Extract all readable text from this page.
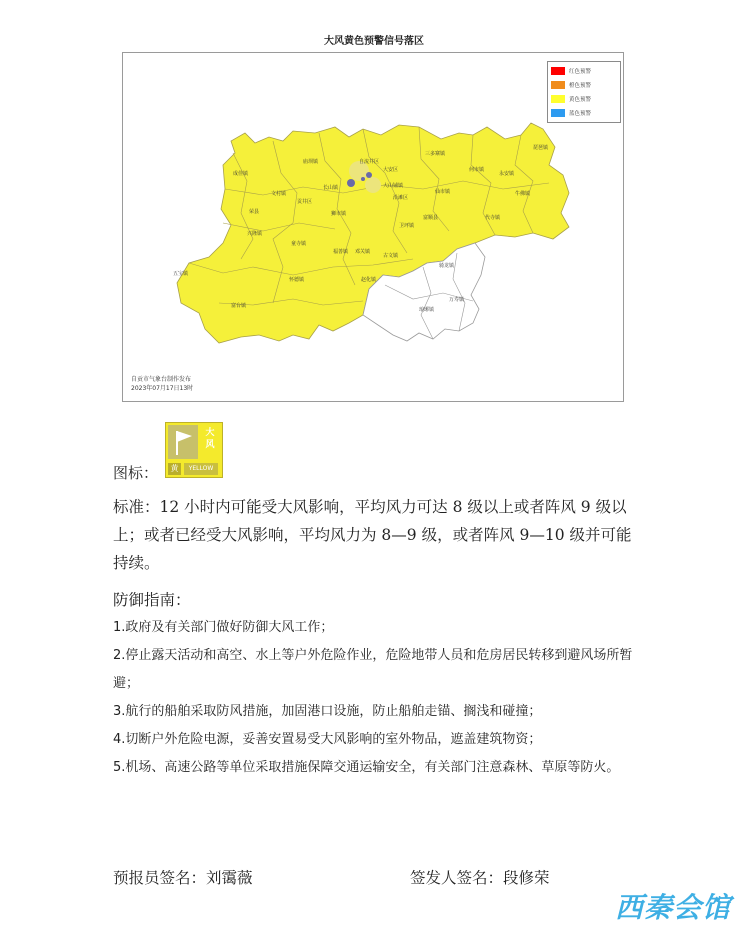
大风黄色预警信号落区
成佳镇
文村镇
荣县
贡井区
自流井区
大安区
沿滩区
富顺县
三多寨镇
何市镇
牛佛镇
琵琶镇
永安镇
五宝镇
富台镇
兴隆镇
大山铺镇
卫坪镇
仙市镇
邓关镇
赵化镇
童寺镇
福善镇
狮市镇
怀德镇
代寺镇
庙坝镇
长山镇
古文镇
骑龙镇
琅琊镇
万寿镇
红色预警
橙色预警
黄色预警
蓝色预警
自贡市气象台制作发布
2023年07月17日13时
图标：
大
风
黄	YELLOW
标准：12 小时内可能受大风影响，平均风力可达 8 级以上或者阵风 9 级以上；或者已经受大风影响，平均风力为 8—9 级，或者阵风 9—10 级并可能持续。
防御指南：
1.政府及有关部门做好防御大风工作；
2.停止露天活动和高空、水上等户外危险作业，危险地带人员和危房居民转移到避风场所暂避；
3.航行的船舶采取防风措施，加固港口设施，防止船舶走锚、搁浅和碰撞；
4.切断户外危险电源，妥善安置易受大风影响的室外物品，遮盖建筑物资；
5.机场、高速公路等单位采取措施保障交通运输安全，有关部门注意森林、草原等防火。
预报员签名：刘霭薇	签发人签名：段修荣
西秦会馆
